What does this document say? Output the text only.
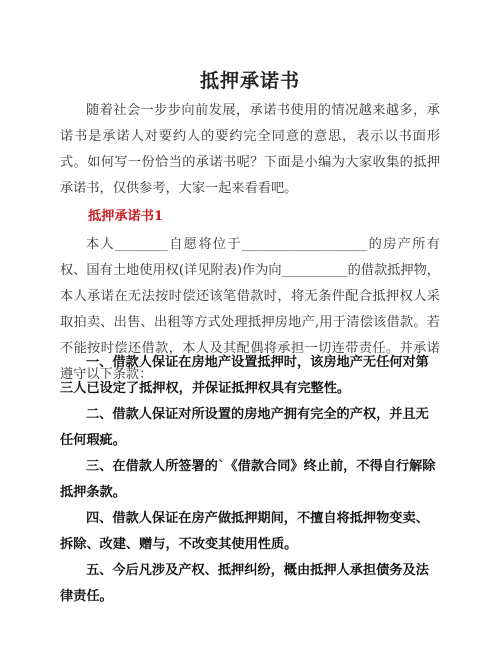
抵押承诺书
随着社会一步步向前发展，承诺书使用的情况越来越多，承诺书是承诺人对要约人的要约完全同意的意思，表示以书面形式。如何写一份恰当的承诺书呢？下面是小编为大家收集的抵押承诺书，仅供参考，大家一起来看看吧。
抵押承诺书1
本人________自愿将位于___________________的房产所有权、国有土地使用权(详见附表)作为向__________的借款抵押物，本人承诺在无法按时偿还该笔借款时，将无条件配合抵押权人采取拍卖、出售、出租等方式处理抵押房地产,用于清偿该借款。若不能按时偿还借款，本人及其配偶将承担一切连带责任。并承诺遵守以下条款：
一、借款人保证在房地产设置抵押时，该房地产无任何对第三人已设定了抵押权，并保证抵押权具有完整性。
二、借款人保证对所设置的房地产拥有完全的产权，并且无任何瑕疵。
三、在借款人所签署的`《借款合同》终止前，不得自行解除抵押条款。
四、借款人保证在房产做抵押期间，不擅自将抵押物变卖、拆除、改建、赠与，不改变其使用性质。
五、今后凡涉及产权、抵押纠纷，概由抵押人承担债务及法律责任。
